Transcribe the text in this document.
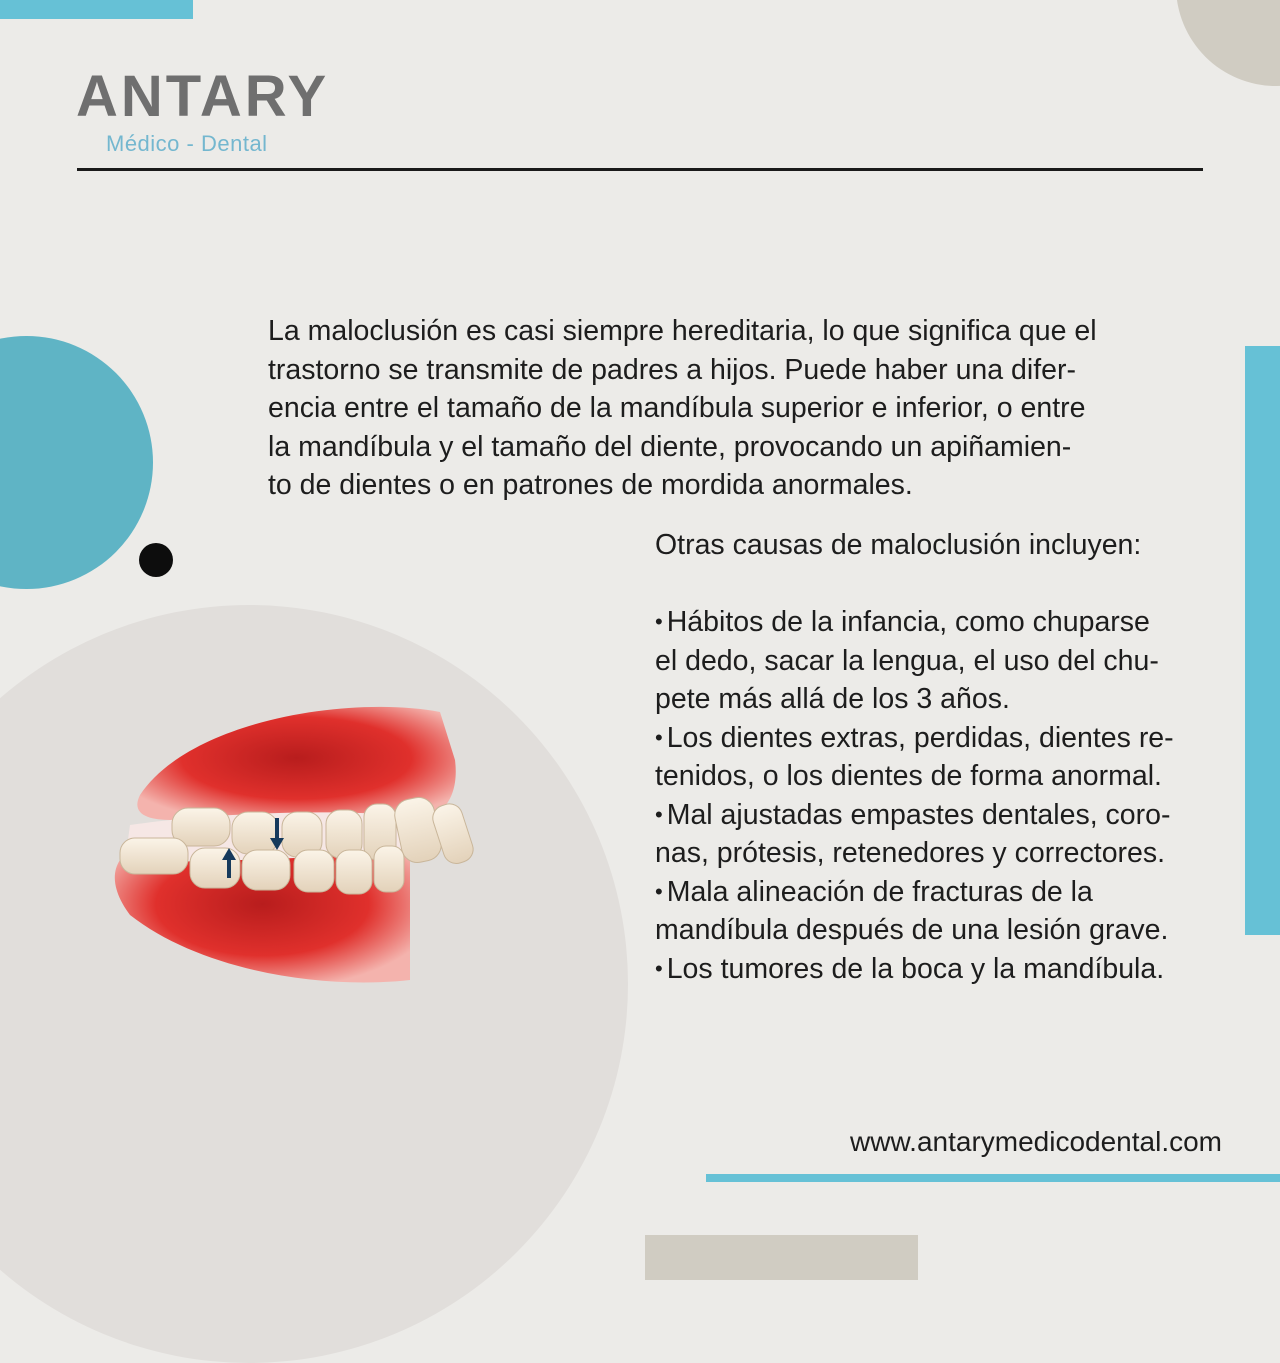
ANTARY
Médico - Dental
La maloclusión es casi siempre hereditaria, lo que significa que el
trastorno se transmite de padres a hijos. Puede haber una difer-
encia entre el tamaño de la mandíbula superior e inferior, o entre
la mandíbula y el tamaño del diente, provocando un apiñamien-
to de dientes o en patrones de mordida anormales.
Otras causas de maloclusión incluyen:
• Hábitos de la infancia, como chuparse
el dedo, sacar la lengua, el uso del chu-
pete más allá de los 3 años.
• Los dientes extras, perdidas, dientes re-
tenidos, o los dientes de forma anormal.
• Mal ajustadas empastes dentales, coro-
nas, prótesis, retenedores y correctores.
• Mala alineación de fracturas de la
mandíbula después de una lesión grave.
• Los tumores de la boca y la mandíbula.
www.antarymedicodental.com
